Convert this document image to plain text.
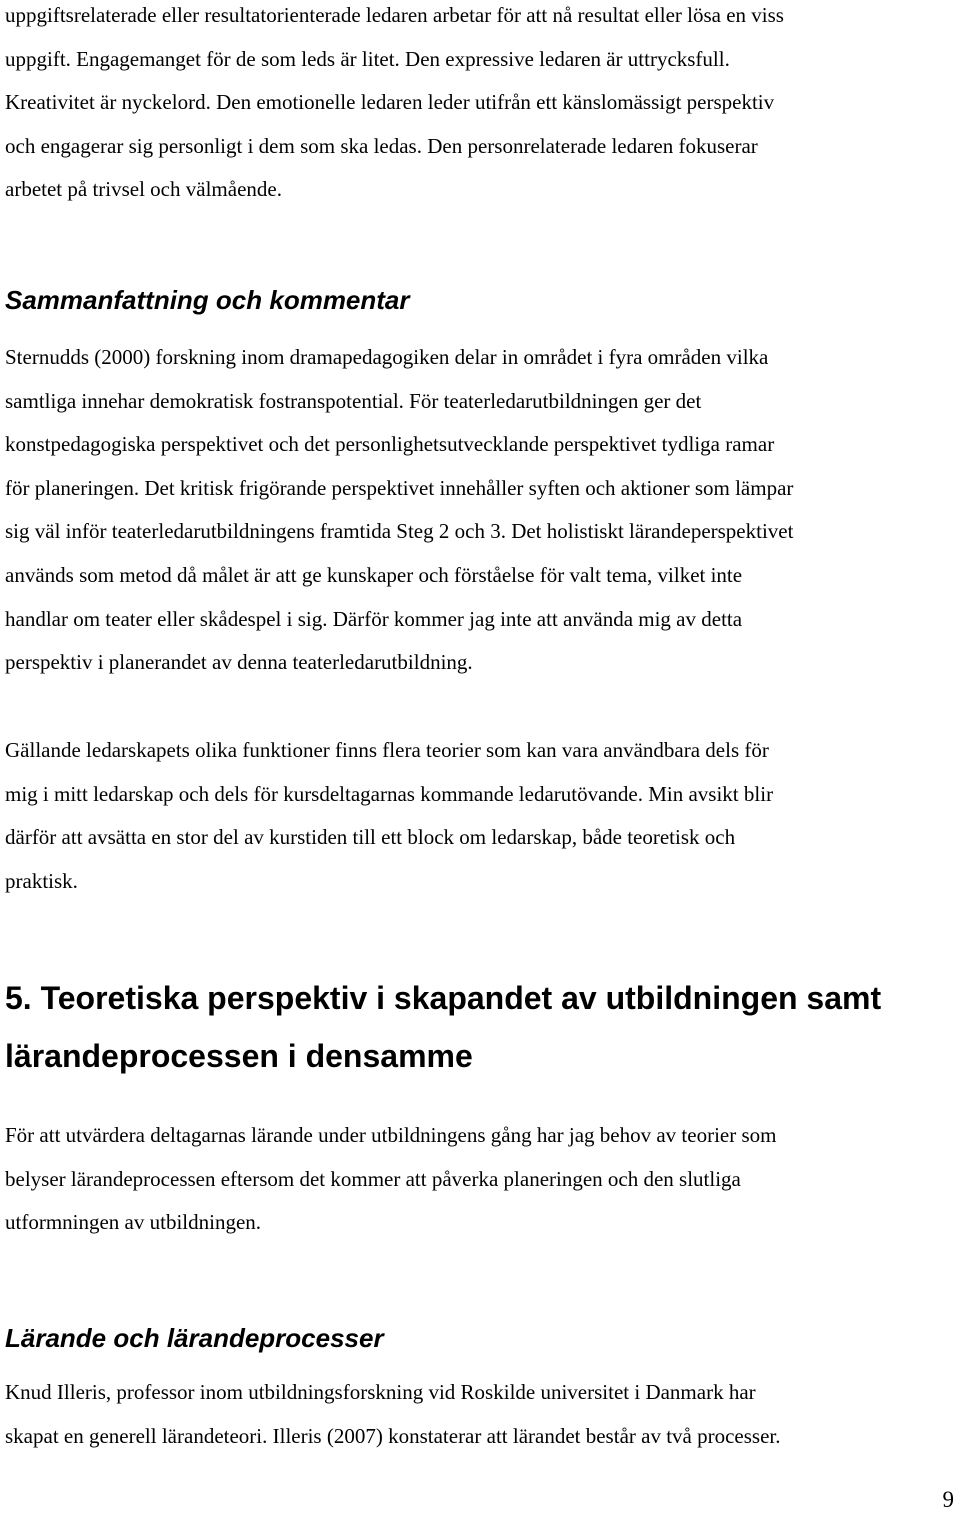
uppgiftsrelaterade eller resultatorienterade ledaren arbetar för att nå resultat eller lösa en viss
uppgift. Engagemanget för de som leds är litet. Den expressive ledaren är uttrycksfull.
Kreativitet är nyckelord. Den emotionelle ledaren leder utifrån ett känslomässigt perspektiv
och engagerar sig personligt i dem som ska ledas. Den personrelaterade ledaren fokuserar
arbetet på trivsel och välmående.
Sammanfattning och kommentar
Sternudds (2000) forskning inom dramapedagogiken delar in området i fyra områden vilka
samtliga innehar demokratisk fostranspotential. För teaterledarutbildningen ger det
konstpedagogiska perspektivet och det personlighetsutvecklande perspektivet tydliga ramar
för planeringen. Det kritisk frigörande perspektivet innehåller syften och aktioner som lämpar
sig väl inför teaterledarutbildningens framtida Steg 2 och 3. Det holistiskt lärandeperspektivet
används som metod då målet är att ge kunskaper och förståelse för valt tema, vilket inte
handlar om teater eller skådespel i sig. Därför kommer jag inte att använda mig av detta
perspektiv i planerandet av denna teaterledarutbildning.
Gällande ledarskapets olika funktioner finns flera teorier som kan vara användbara dels för
mig i mitt ledarskap och dels för kursdeltagarnas kommande ledarutövande. Min avsikt blir
därför att avsätta en stor del av kurstiden till ett block om ledarskap, både teoretisk och
praktisk.
5. Teoretiska perspektiv i skapandet av utbildningen samt
lärandeprocessen i densamme
För att utvärdera deltagarnas lärande under utbildningens gång har jag behov av teorier som
belyser lärandeprocessen eftersom det kommer att påverka planeringen och den slutliga
utformningen av utbildningen.
Lärande och lärandeprocesser
Knud Illeris, professor inom utbildningsforskning vid Roskilde universitet i Danmark har
skapat en generell lärandeteori. Illeris (2007) konstaterar att lärandet består av två processer.
9
